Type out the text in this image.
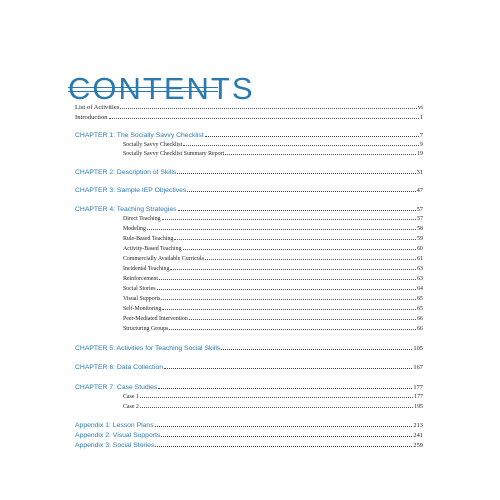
CONTENTS
List of Activities	vi
Introduction	1
CHAPTER 1: The Socially Savvy Checklist	7
Socially Savvy Checklist	9
Socially Savvy Checklist Summary Report	19
CHAPTER 2: Description of Skills	31
CHAPTER 3: Sample IEP Objectives	47
CHAPTER 4: Teaching Strategies	57
Direct Teaching	57
Modeling	58
Rule-Based Teaching	59
Activity-Based Teaching	60
Commercially Available Curricula	61
Incidental Teaching	63
Reinforcement	63
Social Stories	64
Visual Supports	65
Self-Monitoring	65
Peer-Mediated Intervention	66
Structuring Groups	66
CHAPTER 5: Activities for Teaching Social Skills	105
CHAPTER 6: Data Collection	167
CHAPTER 7: Case Studies	177
Case 1	177
Case 2	195
Appendix 1: Lesson Plans	213
Appendix 2: Visual Supports	241
Appendix 3: Social Stories	259
